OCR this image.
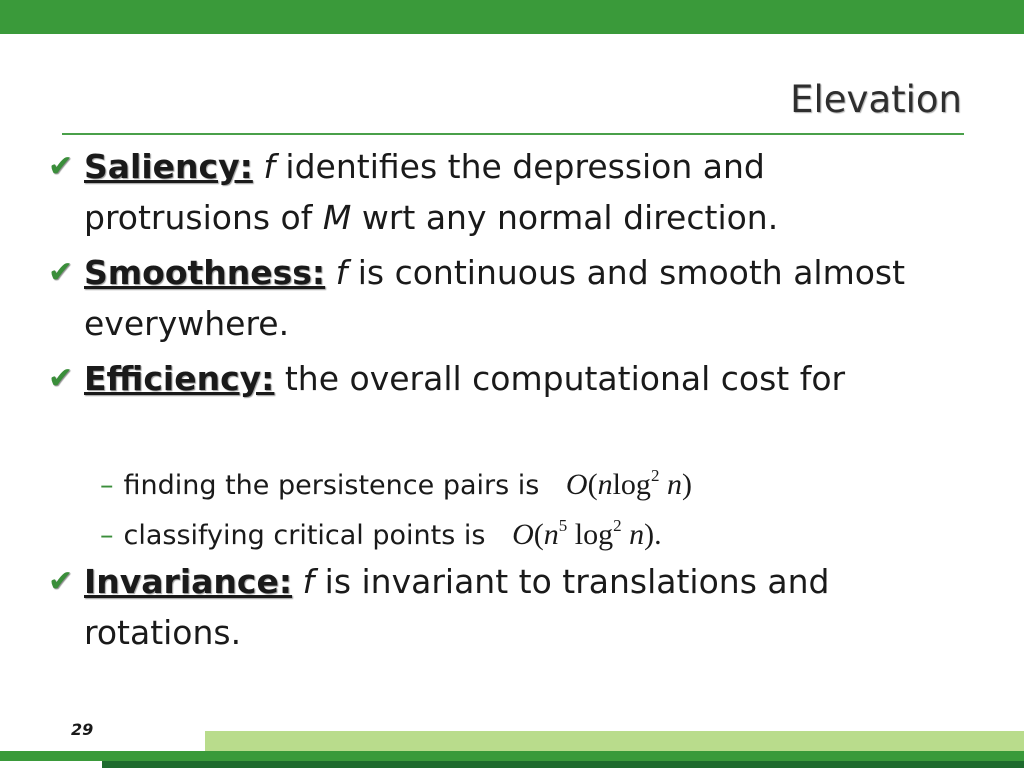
Elevation
✔ Saliency: f identifies the depression and protrusions of M wrt any normal direction.
✔ Smoothness: f is continuous and smooth almost everywhere.
✔ Efficiency: the overall computational cost for
– finding the persistence pairs is O(nlog$^2$ n)
– classifying critical points is $O(n^5$ $\log^2 n$).
✔ Invariance: f is invariant to translations and rotations.
29
